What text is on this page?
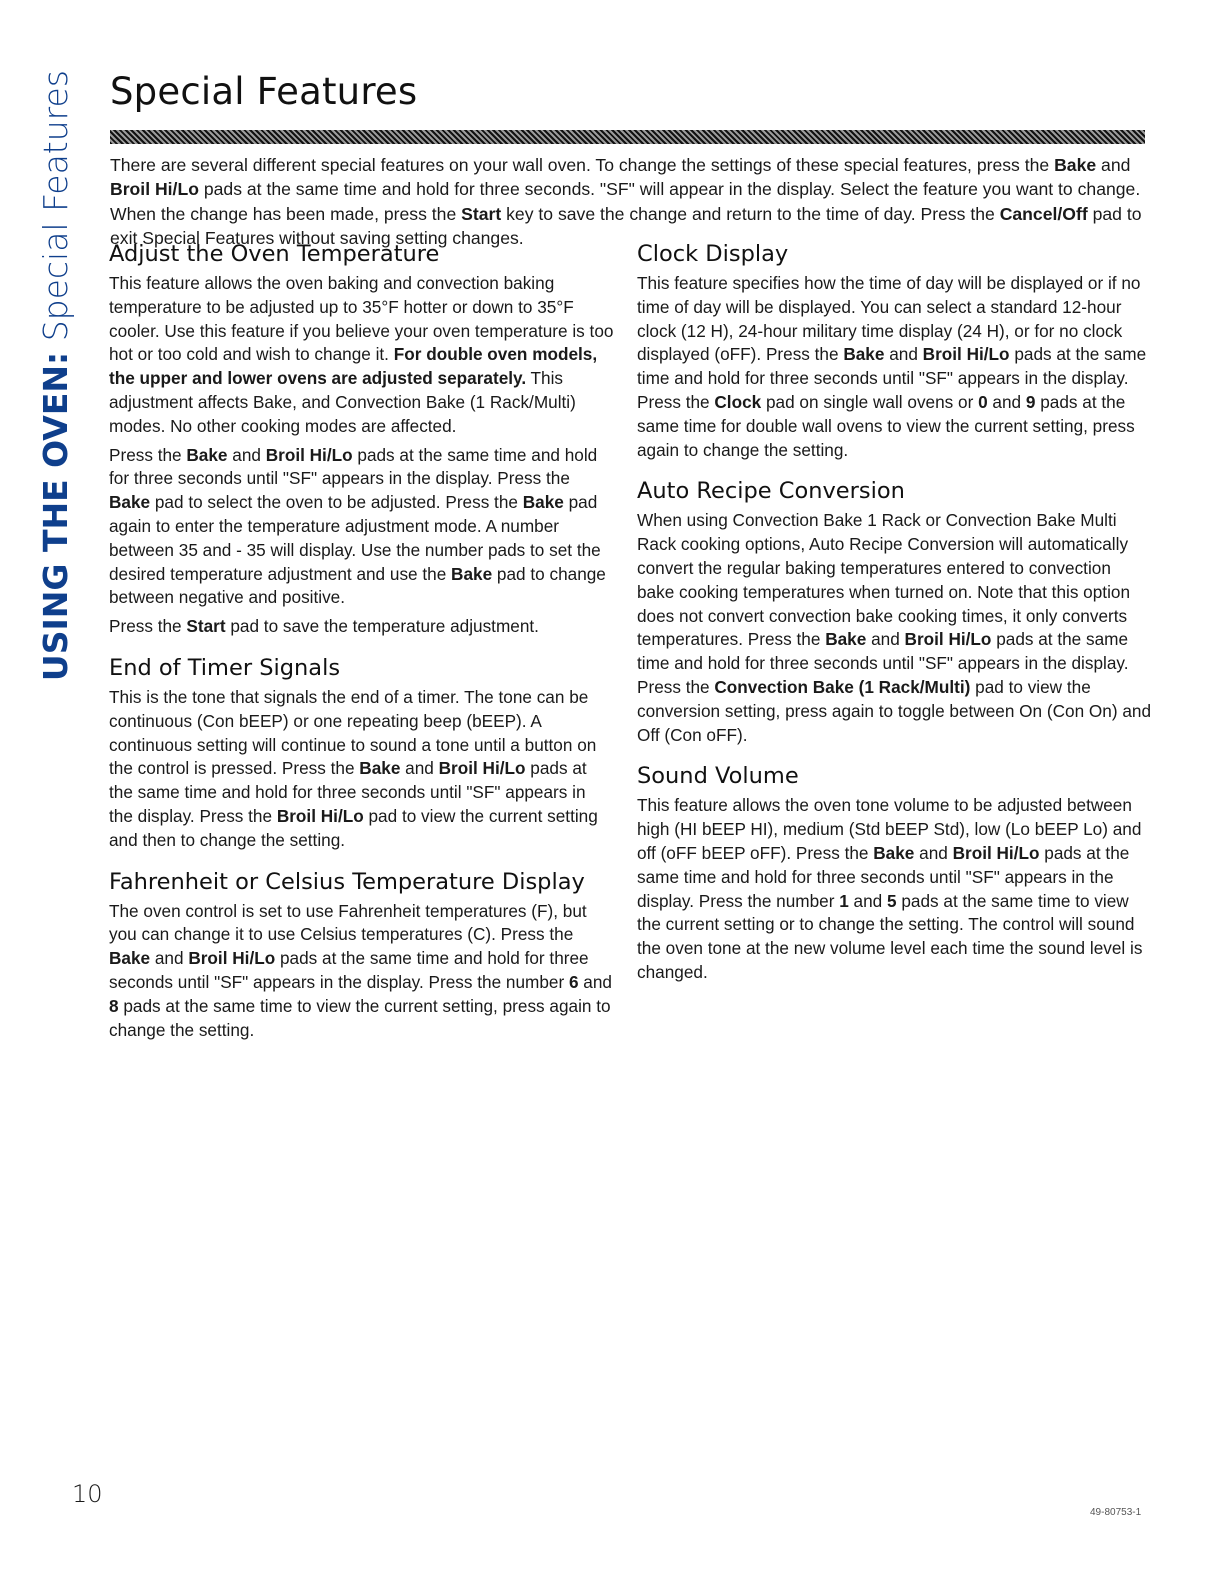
USING THE OVEN: Special Features Special Features

There are several different special features on your wall oven. To change the settings of these special features, press the Bake and Broil Hi/Lo pads at the same time and hold for three seconds. "SF" will appear in the display. Select the feature you want to change. When the change has been made, press the Start key to save the change and return to the time of day. Press the Cancel/Off pad to exit Special Features without saving setting changes.

Adjust the Oven Temperature

This feature allows the oven baking and convection baking temperature to be adjusted up to 35°F hotter or down to 35°F cooler. Use this feature if you believe your oven temperature is too hot or too cold and wish to change it. For double oven models, the upper and lower ovens are adjusted separately. This adjustment affects Bake, and Convection Bake (1 Rack/Multi) modes. No other cooking modes are affected.

Press the Bake and Broil Hi/Lo pads at the same time and hold for three seconds until "SF" appears in the display. Press the Bake pad to select the oven to be adjusted. Press the Bake pad again to enter the temperature adjustment mode. A number between 35 and - 35 will display. Use the number pads to set the desired temperature adjustment and use the Bake pad to change between negative and positive.

Press the Start pad to save the temperature adjustment.

End of Timer Signals

This is the tone that signals the end of a timer. The tone can be continuous (Con bEEP) or one repeating beep (bEEP). A continuous setting will continue to sound a tone until a button on the control is pressed. Press the Bake and Broil Hi/Lo pads at the same time and hold for three seconds until "SF" appears in the display. Press the Broil Hi/Lo pad to view the current setting and then to change the setting.

Fahrenheit or Celsius Temperature Display

The oven control is set to use Fahrenheit temperatures (F), but you can change it to use Celsius temperatures (C). Press the Bake and Broil Hi/Lo pads at the same time and hold for three seconds until "SF" appears in the display. Press the number 6 and 8 pads at the same time to view the current setting, press again to change the setting.

Clock Display

This feature specifies how the time of day will be displayed or if no time of day will be displayed. You can select a standard 12-hour clock (12 H), 24-hour military time display (24 H), or for no clock displayed (oFF). Press the Bake and Broil Hi/Lo pads at the same time and hold for three seconds until "SF" appears in the display. Press the Clock pad on single wall ovens or 0 and 9 pads at the same time for double wall ovens to view the current setting, press again to change the setting.

Auto Recipe Conversion

When using Convection Bake 1 Rack or Convection Bake Multi Rack cooking options, Auto Recipe Conversion will automatically convert the regular baking temperatures entered to convection bake cooking temperatures when turned on. Note that this option does not convert convection bake cooking times, it only converts temperatures. Press the Bake and Broil Hi/Lo pads at the same time and hold for three seconds until "SF" appears in the display. Press the Convection Bake (1 Rack/Multi) pad to view the conversion setting, press again to toggle between On (Con On) and Off (Con oFF).

Sound Volume

This feature allows the oven tone volume to be adjusted between high (HI bEEP HI), medium (Std bEEP Std), low (Lo bEEP Lo) and off (oFF bEEP oFF). Press the Bake and Broil Hi/Lo pads at the same time and hold for three seconds until "SF" appears in the display. Press the number 1 and 5 pads at the same time to view the current setting or to change the setting. The control will sound the oven tone at the new volume level each time the sound level is changed.

10
49-80753-1
